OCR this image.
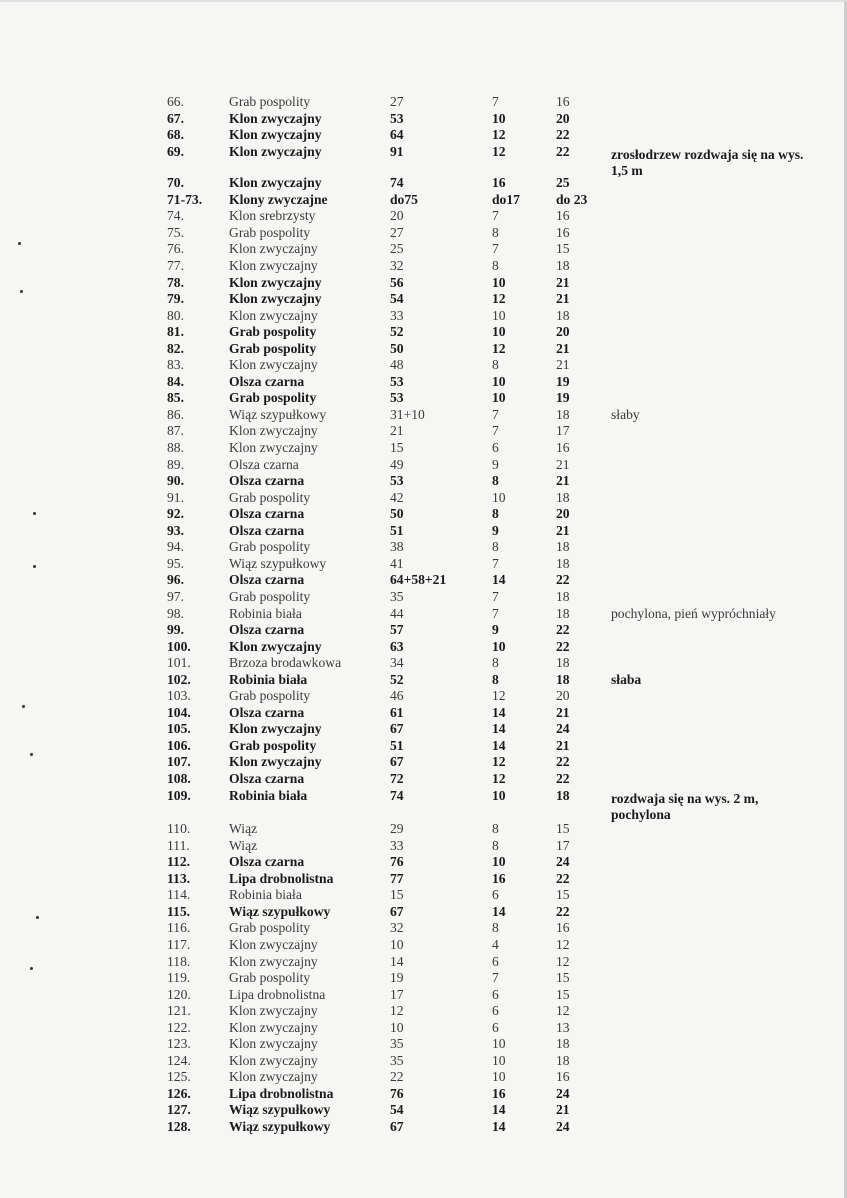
66.	Grab pospolity	27	7	16
67.	Klon zwyczajny	53	10	20
68.	Klon zwyczajny	64	12	22
69.	Klon zwyczajny	91	12	22	zrosłodrzew rozdwaja się na wys. 1,5 m
70.	Klon zwyczajny	74	16	25
71-73. Klony zwyczajne	do75	do17	do 23
74.	Klon srebrzysty	20	7	16
75.	Grab pospolity	27	8	16
76.	Klon zwyczajny	25	7	15
77.	Klon zwyczajny	32	8	18
78.	Klon zwyczajny	56	10	21
79.	Klon zwyczajny	54	12	21
80.	Klon zwyczajny	33	10	18
81.	Grab pospolity	52	10	20
82.	Grab pospolity	50	12	21
83.	Klon zwyczajny	48	8	21
84.	Olsza czarna	53	10	19
85.	Grab pospolity	53	10	19
86.	Wiąz szypułkowy	31+10	7	18	słaby
87.	Klon zwyczajny	21	7	17
88.	Klon zwyczajny	15	6	16
89.	Olsza czarna	49	9	21
90.	Olsza czarna	53	8	21
91.	Grab pospolity	42	10	18
92.	Olsza czarna	50	8	20
93.	Olsza czarna	51	9	21
94.	Grab pospolity	38	8	18
95.	Wiąz szypułkowy	41	7	18
96.	Olsza czarna	64+58+21	14	22
97.	Grab pospolity	35	7	18
98.	Robinia biała	44	7	18	pochylona, pień wypróchniały
99.	Olsza czarna	57	9	22
100.	Klon zwyczajny	63	10	22
101.	Brzoza brodawkowa	34	8	18
102.	Robinia biała	52	8	18	słaba
103.	Grab pospolity	46	12	20
104.	Olsza czarna	61	14	21
105.	Klon zwyczajny	67	14	24
106.	Grab pospolity	51	14	21
107.	Klon zwyczajny	67	12	22
108.	Olsza czarna	72	12	22
109.	Robinia biała	74	10	18	rozdwaja się na wys. 2 m, pochylona
110.	Wiąz	29	8	15
111.	Wiąz	33	8	17
112.	Olsza czarna	76	10	24
113.	Lipa drobnolistna	77	16	22
114.	Robinia biała	15	6	15
115.	Wiąz szypułkowy	67	14	22
116.	Grab pospolity	32	8	16
117.	Klon zwyczajny	10	4	12
118.	Klon zwyczajny	14	6	12
119.	Grab pospolity	19	7	15
120.	Lipa drobnolistna	17	6	15
121.	Klon zwyczajny	12	6	12
122.	Klon zwyczajny	10	6	13
123.	Klon zwyczajny	35	10	18
124.	Klon zwyczajny	35	10	18
125.	Klon zwyczajny	22	10	16
126.	Lipa drobnolistna	76	16	24
127.	Wiąz szypułkowy	54	14	21
128.	Wiąz szypułkowy	67	14	24
